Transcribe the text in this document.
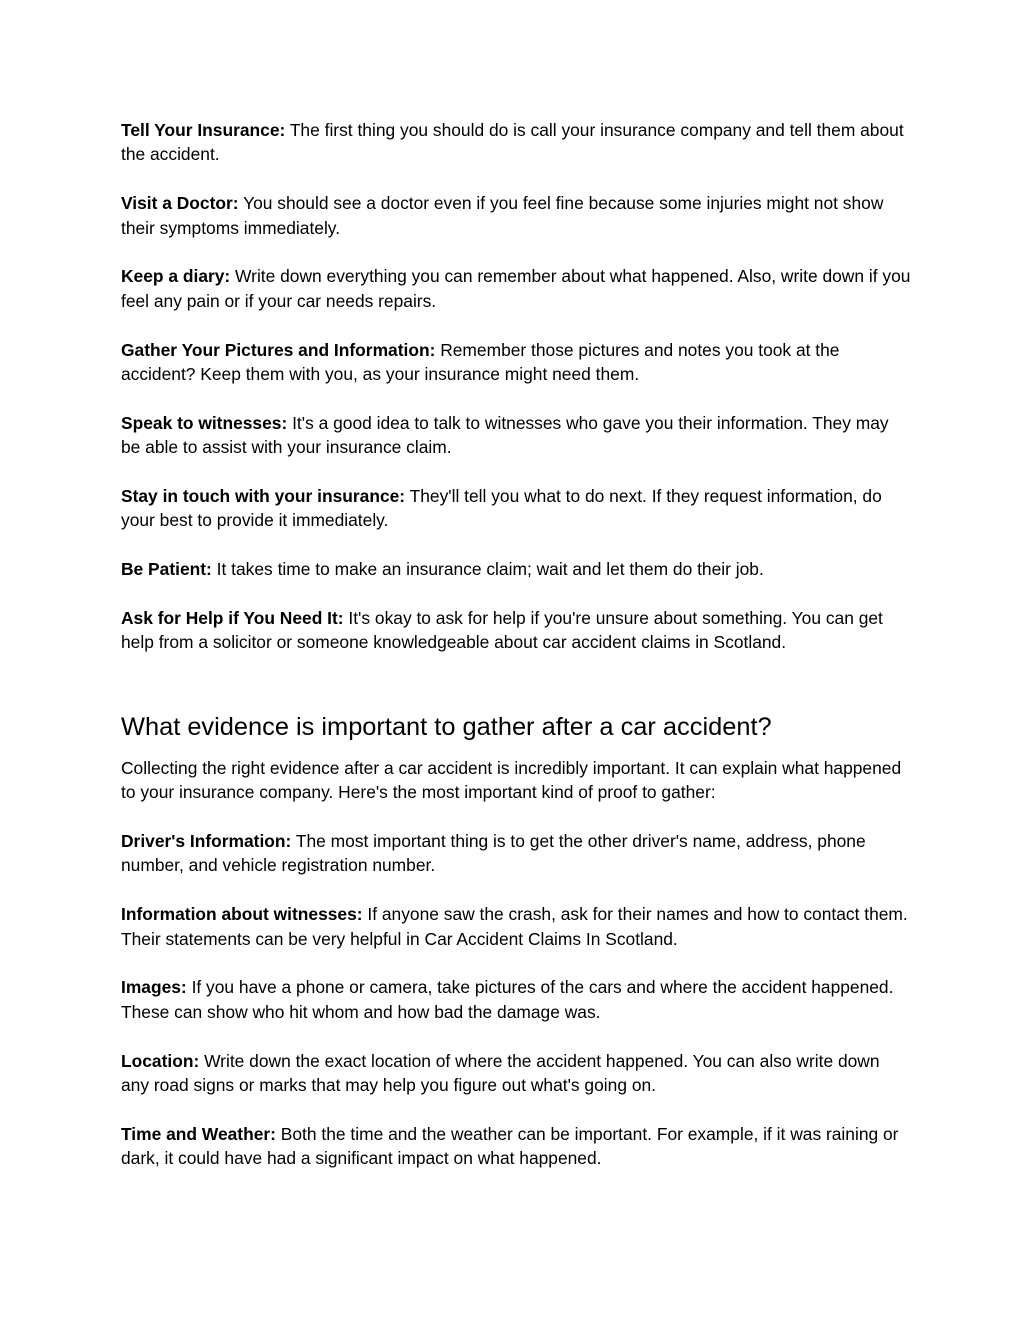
Tell Your Insurance: The first thing you should do is call your insurance company and tell them about the accident.

Visit a Doctor: You should see a doctor even if you feel fine because some injuries might not show their symptoms immediately.

Keep a diary: Write down everything you can remember about what happened. Also, write down if you feel any pain or if your car needs repairs.

Gather Your Pictures and Information: Remember those pictures and notes you took at the accident? Keep them with you, as your insurance might need them.

Speak to witnesses: It's a good idea to talk to witnesses who gave you their information. They may be able to assist with your insurance claim.

Stay in touch with your insurance: They'll tell you what to do next. If they request information, do your best to provide it immediately.

Be Patient: It takes time to make an insurance claim; wait and let them do their job.

Ask for Help if You Need It: It's okay to ask for help if you're unsure about something. You can get help from a solicitor or someone knowledgeable about car accident claims in Scotland.

What evidence is important to gather after a car accident?

Collecting the right evidence after a car accident is incredibly important. It can explain what happened to your insurance company. Here's the most important kind of proof to gather:

Driver's Information: The most important thing is to get the other driver's name, address, phone number, and vehicle registration number.

Information about witnesses: If anyone saw the crash, ask for their names and how to contact them. Their statements can be very helpful in Car Accident Claims In Scotland.

Images: If you have a phone or camera, take pictures of the cars and where the accident happened. These can show who hit whom and how bad the damage was.

Location: Write down the exact location of where the accident happened. You can also write down any road signs or marks that may help you figure out what's going on.

Time and Weather: Both the time and the weather can be important. For example, if it was raining or dark, it could have had a significant impact on what happened.
